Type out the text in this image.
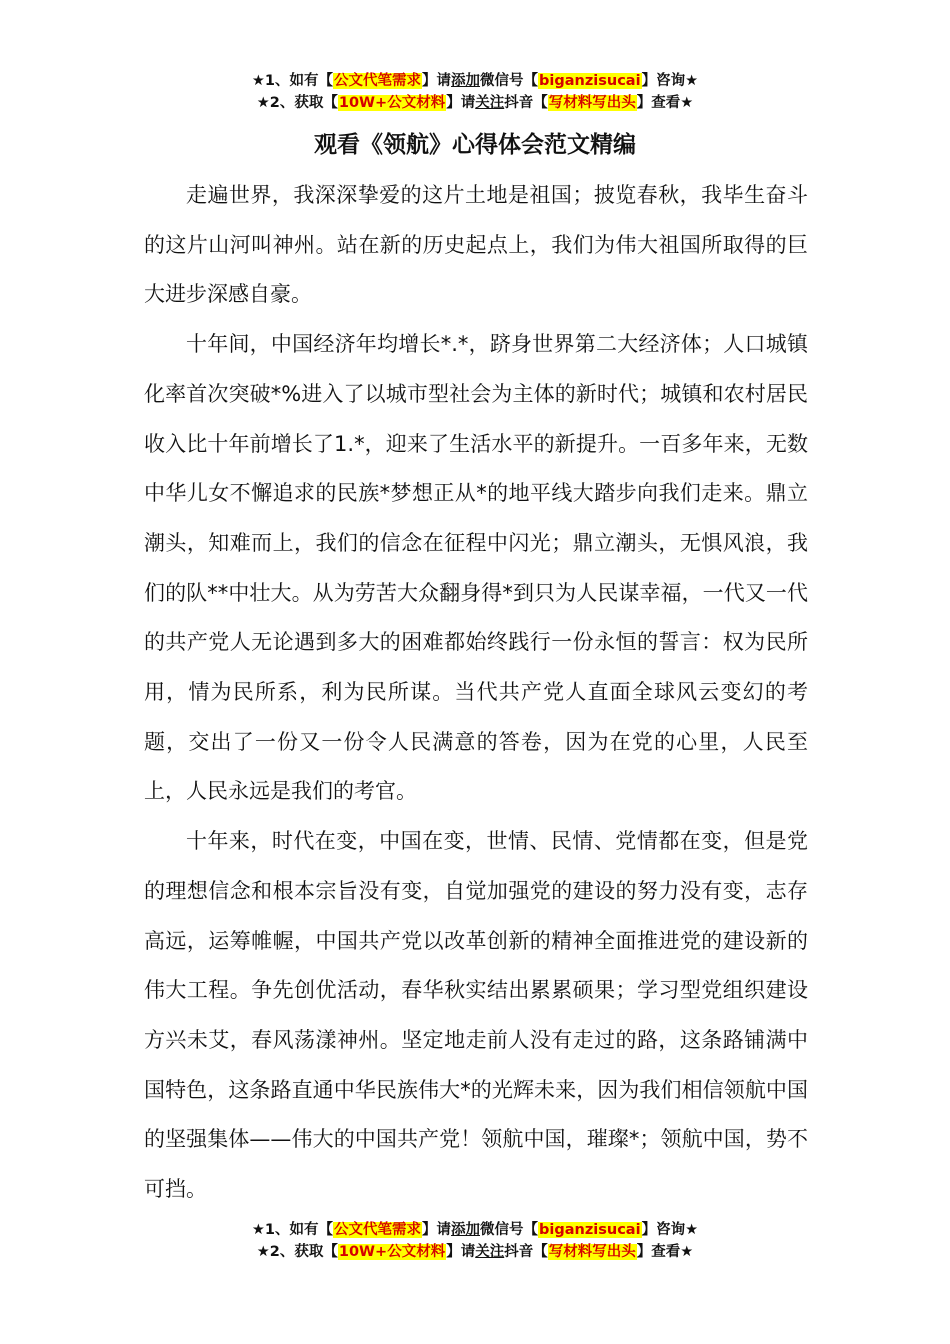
★1、如有【公文代笔需求】请添加微信号【biganzisucai】咨询★
★2、获取【10W+公文材料】请关注抖音【写材料写出头】查看★
观看《领航》心得体会范文精编

走遍世界，我深深挚爱的这片土地是祖国；披览春秋，我毕生奋斗的这片山河叫神州。站在新的历史起点上，我们为伟大祖国所取得的巨大进步深感自豪。

十年间，中国经济年均增长*.*，跻身世界第二大经济体；人口城镇化率首次突破*%进入了以城市型社会为主体的新时代；城镇和农村居民收入比十年前增长了1.*，迎来了生活水平的新提升。一百多年来，无数中华儿女不懈追求的民族*梦想正从*的地平线大踏步向我们走来。鼎立潮头，知难而上，我们的信念在征程中闪光；鼎立潮头，无惧风浪，我们的队**中壮大。从为劳苦大众翻身得*到只为人民谋幸福，一代又一代的共产党人无论遇到多大的困难都始终践行一份永恒的誓言：权为民所用，情为民所系，利为民所谋。当代共产党人直面全球风云变幻的考题，交出了一份又一份令人民满意的答卷，因为在党的心里，人民至上，人民永远是我们的考官。

十年来，时代在变，中国在变，世情、民情、党情都在变，但是党的理想信念和根本宗旨没有变，自觉加强党的建设的努力没有变，志存高远，运筹帷幄，中国共产党以改革创新的精神全面推进党的建设新的伟大工程。争先创优活动，春华秋实结出累累硕果；学习型党组织建设方兴未艾，春风荡漾神州。坚定地走前人没有走过的路，这条路铺满中国特色，这条路直通中华民族伟大*的光辉未来，因为我们相信领航中国的坚强集体——伟大的中国共产党！领航中国，璀璨*；领航中国，势不可挡。

★1、如有【公文代笔需求】请添加微信号【biganzisucai】咨询★
★2、获取【10W+公文材料】请关注抖音【写材料写出头】查看★
